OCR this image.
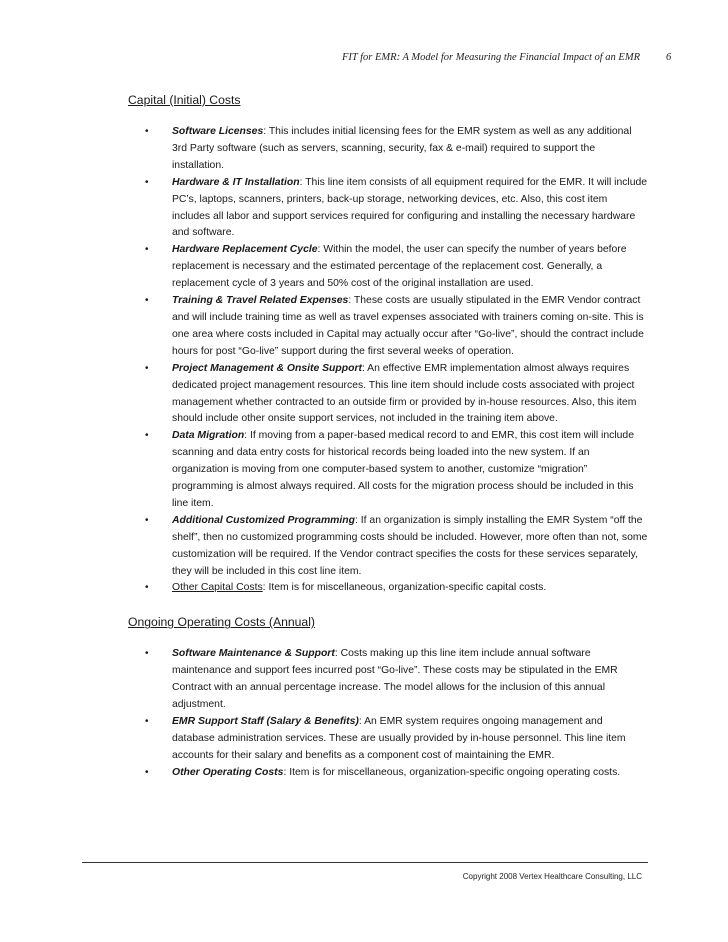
FIT for EMR: A Model for Measuring the Financial Impact of an EMR 6

Capital (Initial) Costs

• Software Licenses: This includes initial licensing fees for the EMR system as well as any additional 3rd Party software (such as servers, scanning, security, fax & e-mail) required to support the installation.
• Hardware & IT Installation: This line item consists of all equipment required for the EMR. It will include PC’s, laptops, scanners, printers, back-up storage, networking devices, etc. Also, this cost item includes all labor and support services required for configuring and installing the necessary hardware and software.
• Hardware Replacement Cycle: Within the model, the user can specify the number of years before replacement is necessary and the estimated percentage of the replacement cost. Generally, a replacement cycle of 3 years and 50% cost of the original installation are used.
• Training & Travel Related Expenses: These costs are usually stipulated in the EMR Vendor contract and will include training time as well as travel expenses associated with trainers coming on-site. This is one area where costs included in Capital may actually occur after “Go-live”, should the contract include hours for post “Go-live” support during the first several weeks of operation.
• Project Management & Onsite Support: An effective EMR implementation almost always requires dedicated project management resources. This line item should include costs associated with project management whether contracted to an outside firm or provided by in-house resources. Also, this item should include other onsite support services, not included in the training item above.
• Data Migration: If moving from a paper-based medical record to and EMR, this cost item will include scanning and data entry costs for historical records being loaded into the new system. If an organization is moving from one computer-based system to another, customize “migration” programming is almost always required. All costs for the migration process should be included in this line item.
• Additional Customized Programming: If an organization is simply installing the EMR System “off the shelf”, then no customized programming costs should be included. However, more often than not, some customization will be required. If the Vendor contract specifies the costs for these services separately, they will be included in this cost line item.
• Other Capital Costs: Item is for miscellaneous, organization-specific capital costs.

Ongoing Operating Costs (Annual)

• Software Maintenance & Support: Costs making up this line item include annual software maintenance and support fees incurred post “Go-live”. These costs may be stipulated in the EMR Contract with an annual percentage increase. The model allows for the inclusion of this annual adjustment.
• EMR Support Staff (Salary & Benefits): An EMR system requires ongoing management and database administration services. These are usually provided by in-house personnel. This line item accounts for their salary and benefits as a component cost of maintaining the EMR.
• Other Operating Costs: Item is for miscellaneous, organization-specific ongoing operating costs.
Copyright 2008 Vertex Healthcare Consulting, LLC
